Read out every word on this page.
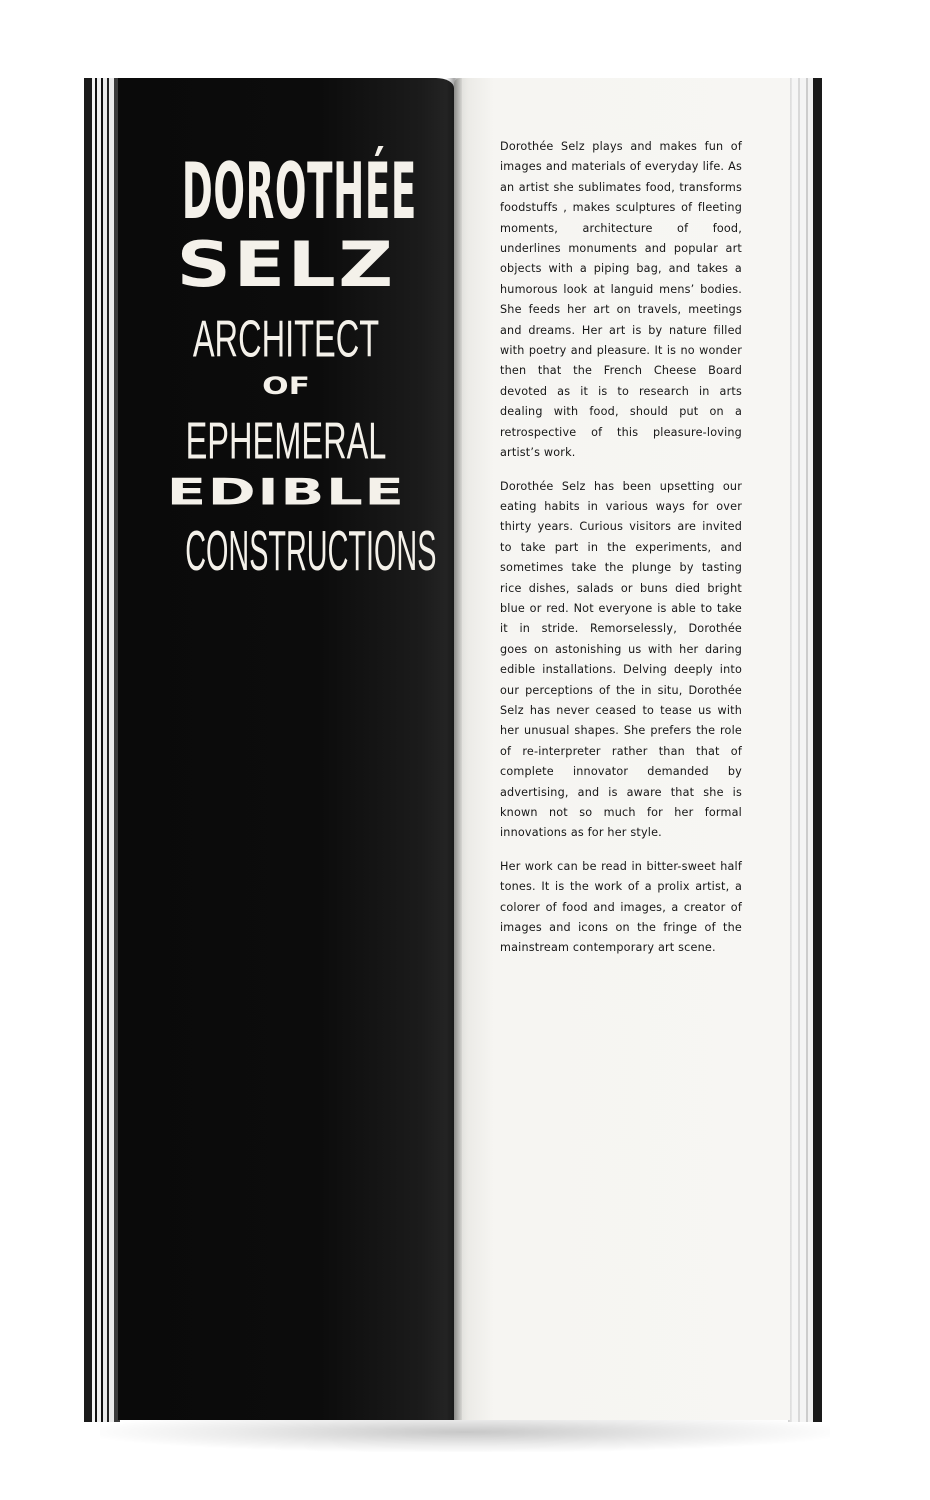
DOROTHÉE
SELZ
ARCHITECT
OF
EPHEMERAL
EDIBLE
CONSTRUCTIONS

Dorothée Selz plays and makes fun of images and materials of everyday life. As an artist she sublimates food, transforms foodstuffs , makes sculptures of fleeting moments, architecture of food, underlines monuments and popular art objects with a piping bag, and takes a humorous look at languid mens’ bodies. She feeds her art on travels, meetings and dreams. Her art is by nature filled with poetry and pleasure. It is no wonder then that the French Cheese Board devoted as it is to research in arts dealing with food, should put on a retrospective of this pleasure-loving artist’s work.

Dorothée Selz has been upsetting our eating habits in various ways for over thirty years. Curious visitors are invited to take part in the experiments, and sometimes take the plunge by tasting rice dishes, salads or buns died bright blue or red. Not everyone is able to take it in stride. Remorselessly, Dorothée goes on astonishing us with her daring edible installations. Delving deeply into our perceptions of the in situ, Dorothée Selz has never ceased to tease us with her unusual shapes. She prefers the role of re-interpreter rather than that of complete innovator demanded by advertising, and is aware that she is known not so much for her formal innovations as for her style.

Her work can be read in bitter-sweet half tones. It is the work of a prolix artist, a colorer of food and images, a creator of images and icons on the fringe of the mainstream contemporary art scene.
